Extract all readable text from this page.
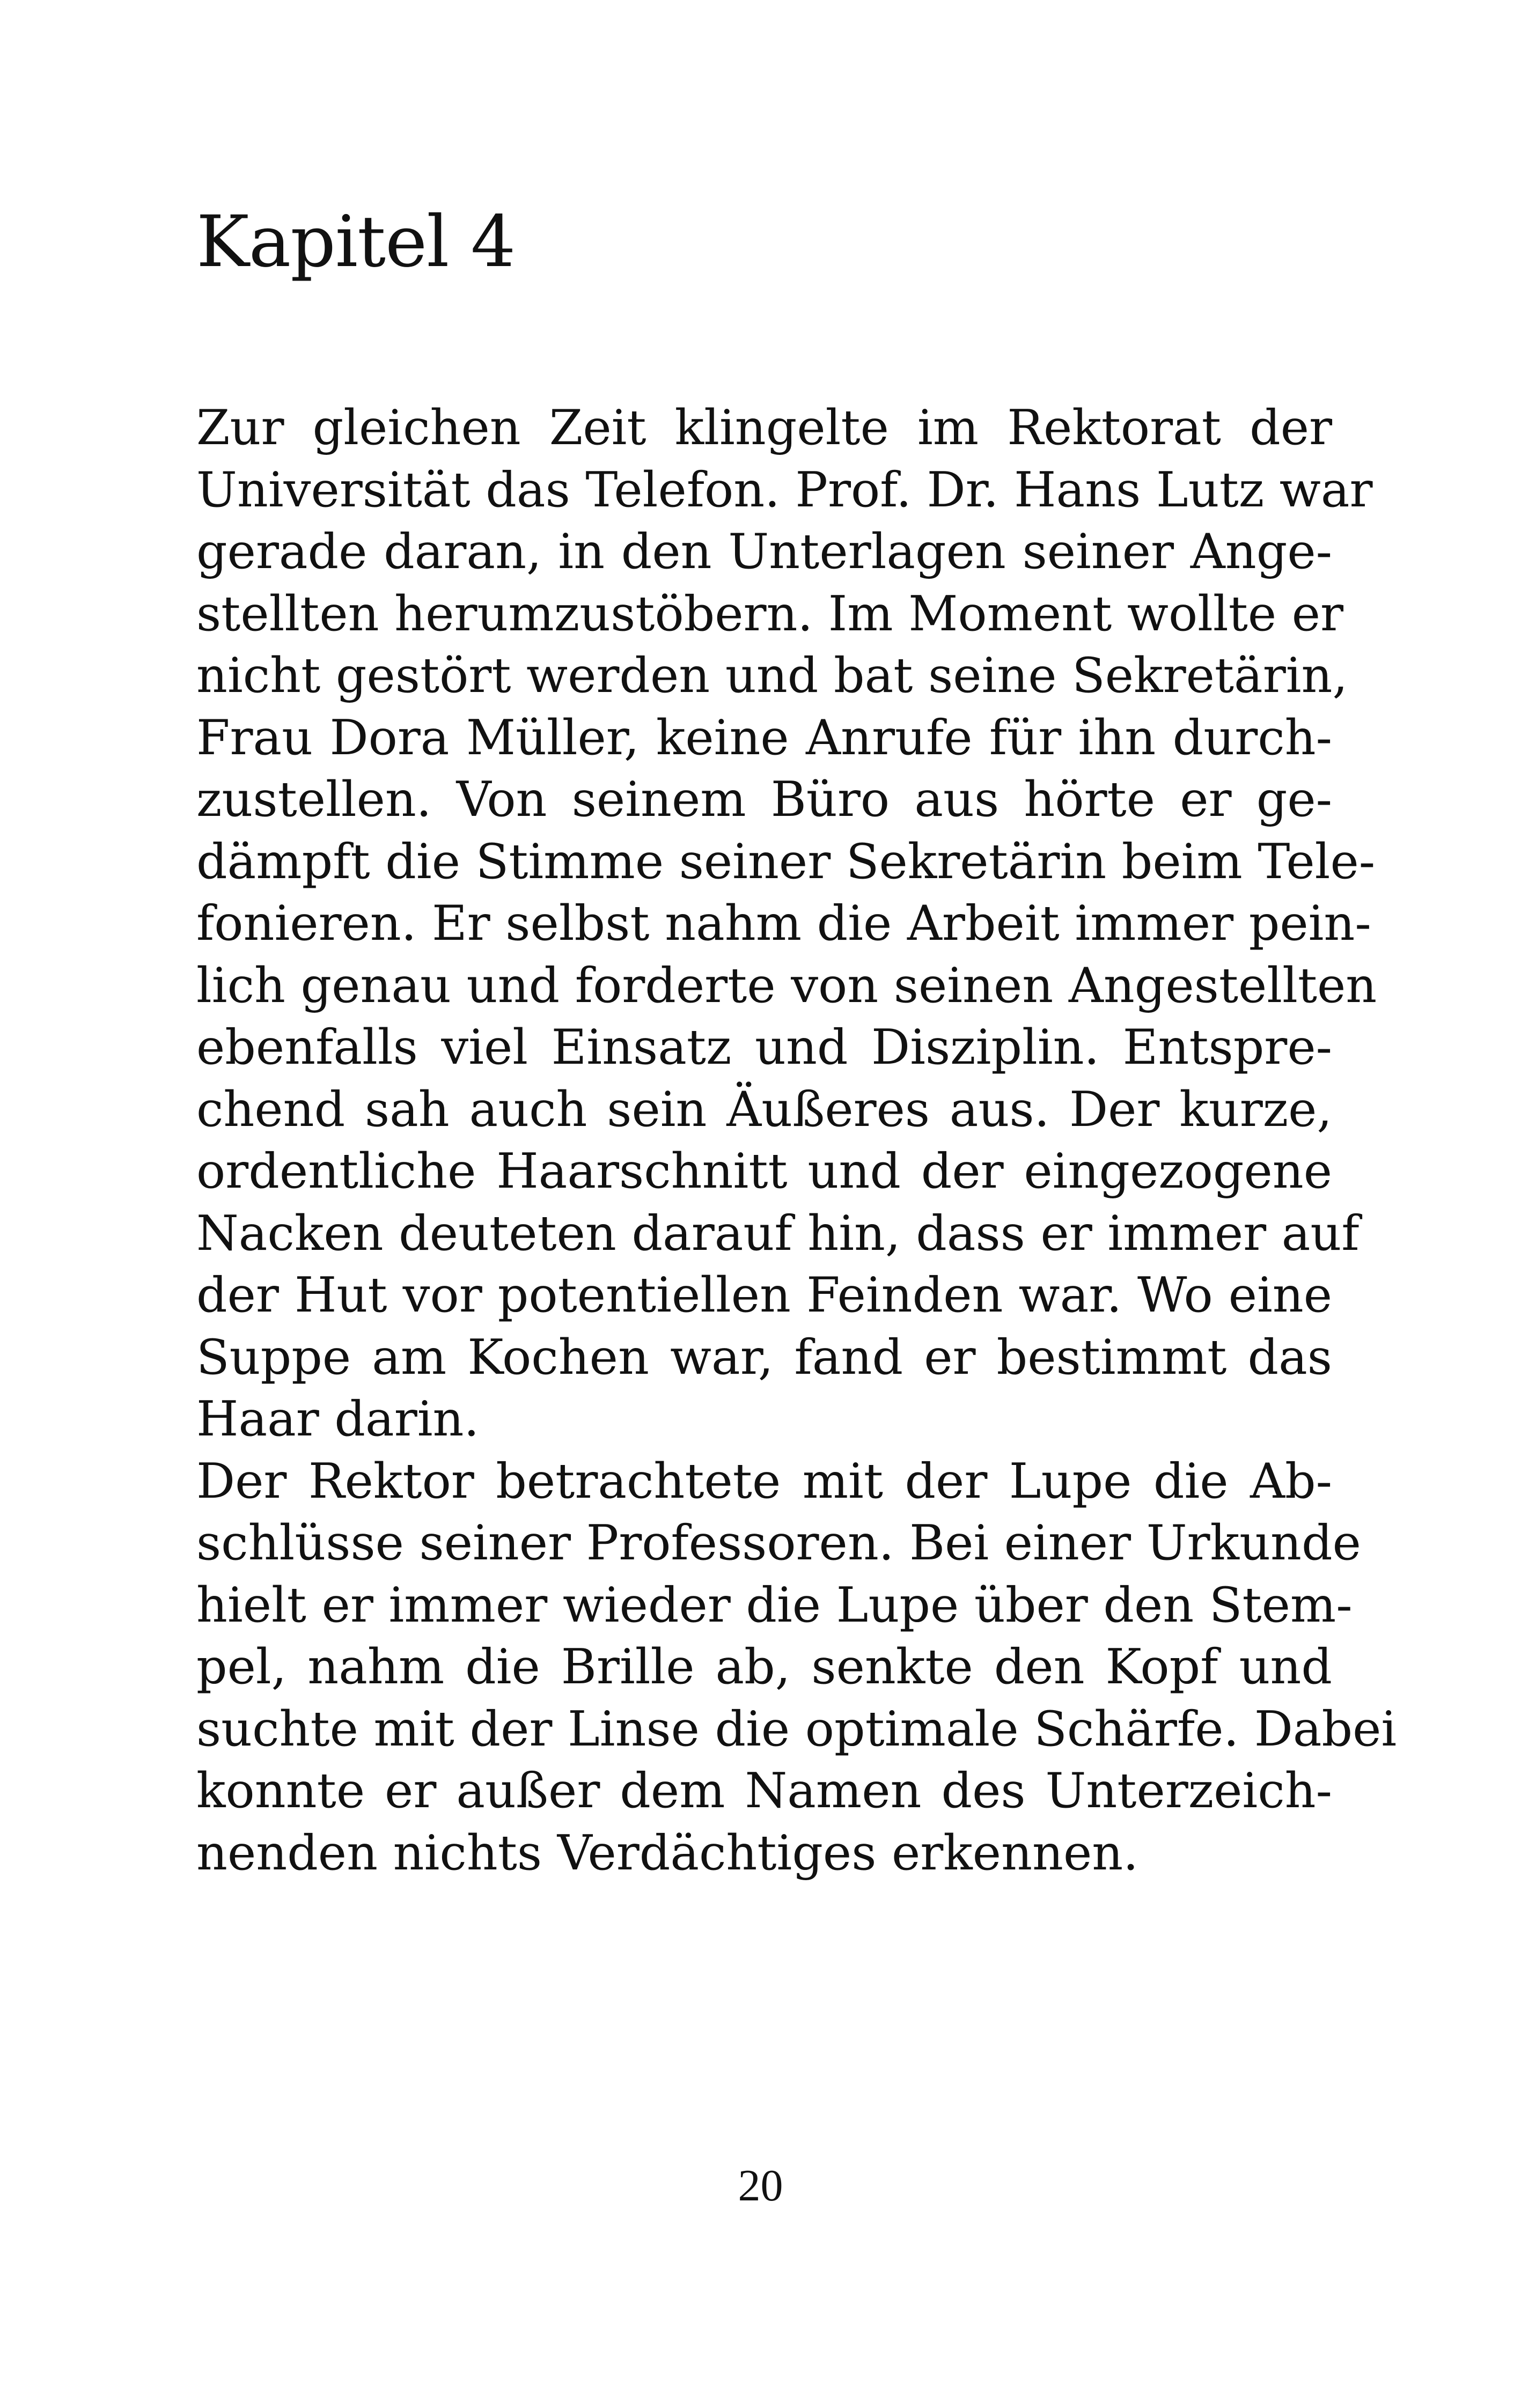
Kapitel 4
Zur gleichen Zeit klingelte im Rektorat der
Universität das Telefon. Prof. Dr. Hans Lutz war
gerade daran, in den Unterlagen seiner Ange-
stellten herumzustöbern. Im Moment wollte er
nicht gestört werden und bat seine Sekretärin,
Frau Dora Müller, keine Anrufe für ihn durch-
zustellen. Von seinem Büro aus hörte er ge-
dämpft die Stimme seiner Sekretärin beim Tele-
fonieren. Er selbst nahm die Arbeit immer pein-
lich genau und forderte von seinen Angestellten
ebenfalls viel Einsatz und Disziplin. Entspre-
chend sah auch sein Äußeres aus. Der kurze,
ordentliche Haarschnitt und der eingezogene
Nacken deuteten darauf hin, dass er immer auf
der Hut vor potentiellen Feinden war. Wo eine
Suppe am Kochen war, fand er bestimmt das
Haar darin.
Der Rektor betrachtete mit der Lupe die Ab-
schlüsse seiner Professoren. Bei einer Urkunde
hielt er immer wieder die Lupe über den Stem-
pel, nahm die Brille ab, senkte den Kopf und
suchte mit der Linse die optimale Schärfe. Dabei
konnte er außer dem Namen des Unterzeich-
nenden nichts Verdächtiges erkennen.
20
